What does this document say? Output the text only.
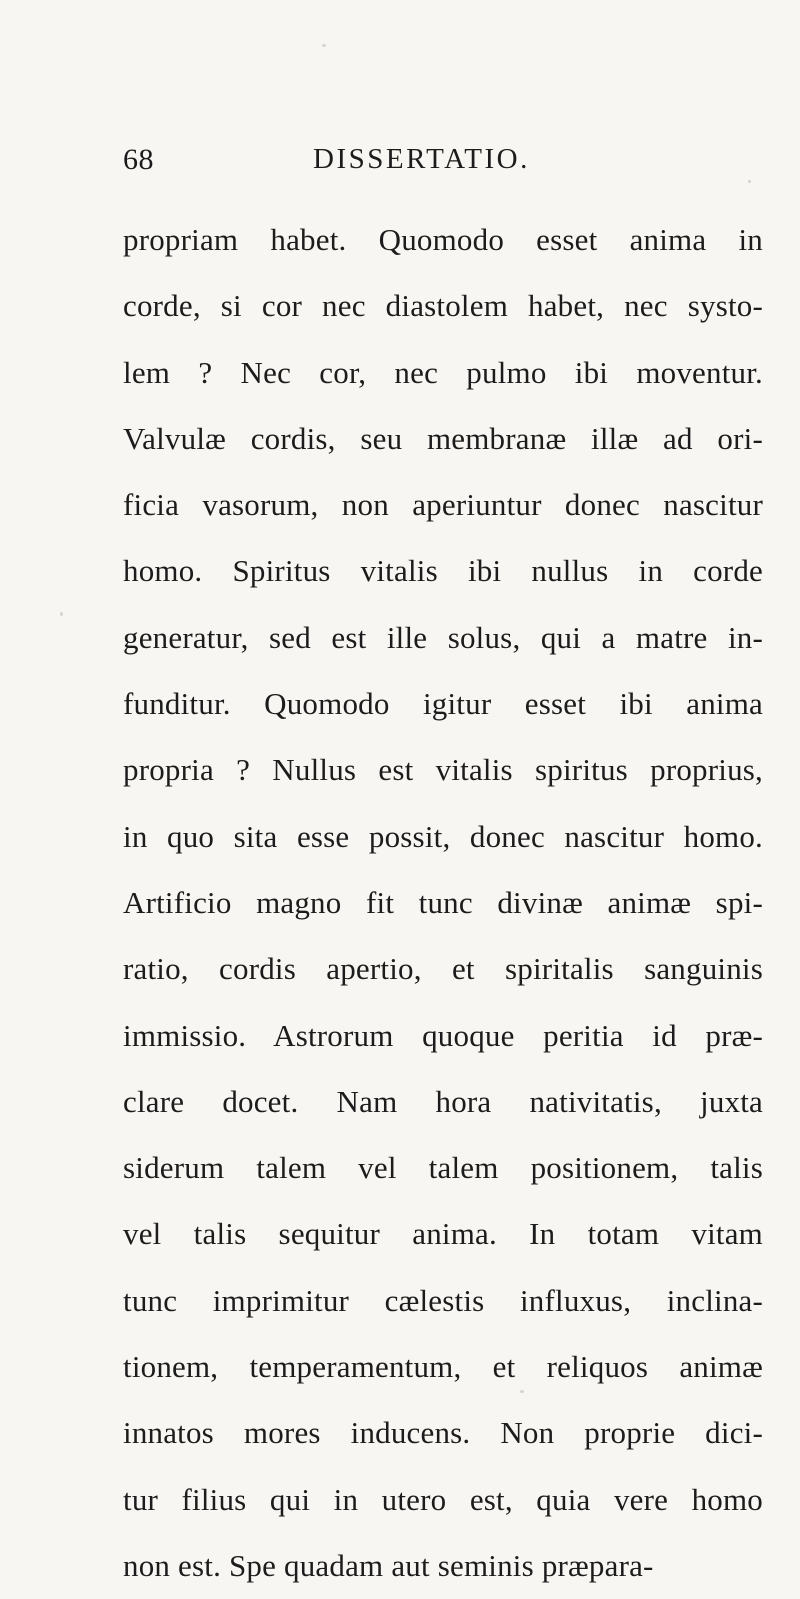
68	DISSERTATIO.
propriam habet. Quomodo esset anima in
corde, si cor nec diastolem habet, nec systo-
lem ? Nec cor, nec pulmo ibi moventur.
Valvulæ cordis, seu membranæ illæ ad ori-
ficia vasorum, non aperiuntur donec nascitur
homo. Spiritus vitalis ibi nullus in corde
generatur, sed est ille solus, qui a matre in-
funditur. Quomodo igitur esset ibi anima
propria ? Nullus est vitalis spiritus proprius,
in quo sita esse possit, donec nascitur homo.
Artificio magno fit tunc divinæ animæ spi-
ratio, cordis apertio, et spiritalis sanguinis
immissio. Astrorum quoque peritia id præ-
clare docet. Nam hora nativitatis, juxta
siderum talem vel talem positionem, talis
vel talis sequitur anima. In totam vitam
tunc imprimitur cælestis influxus, inclina-
tionem, temperamentum, et reliquos animæ
innatos mores inducens. Non proprie dici-
tur filius qui in utero est, quia vere homo
non est. Spe quadam aut seminis præpara-
